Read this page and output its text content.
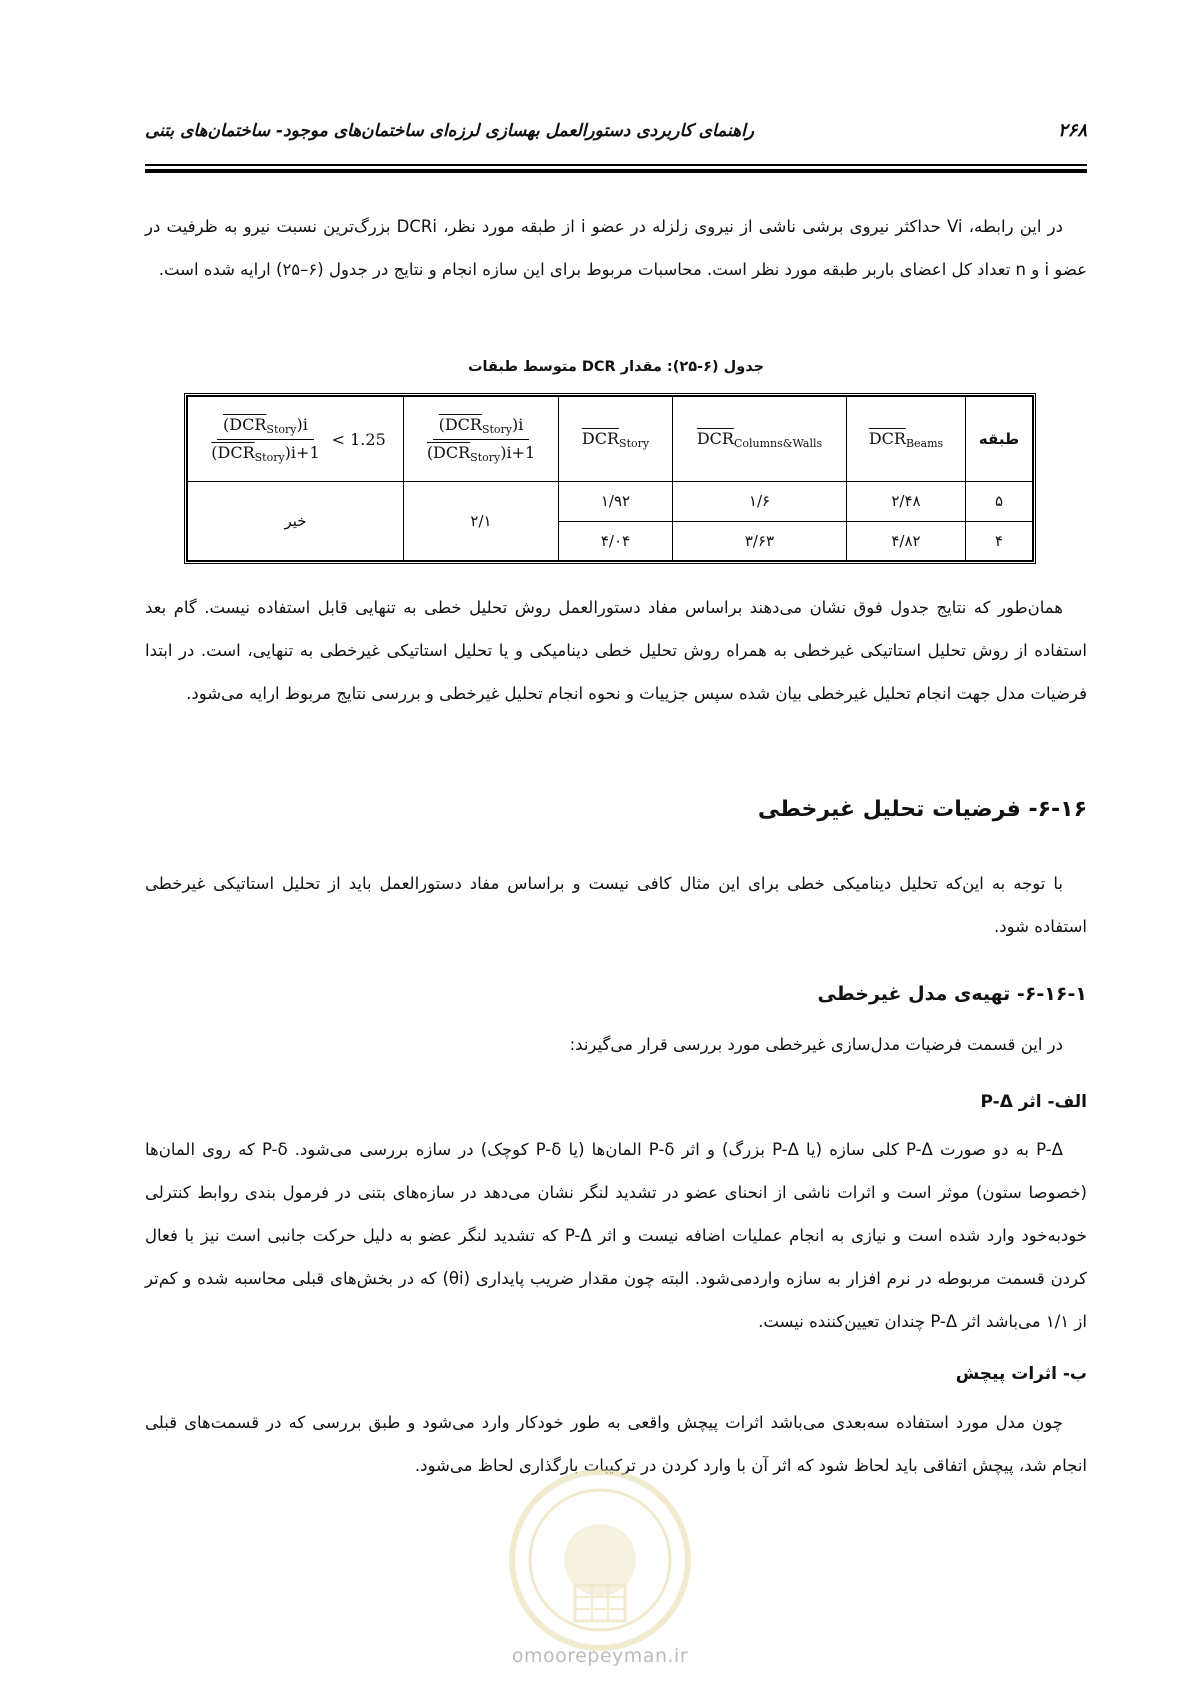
۲۶۸
راهنمای کاربردی دستورالعمل بهسازی لرزه‌ای ساختمان‌های موجود- ساختمان‌های بتنی

در این رابطه، Vi حداکثر نیروی برشی ناشی از نیروی زلزله در عضو i از طبقه مورد نظر، DCRi بزرگ‌ترین نسبت نیرو به ظرفیت در عضو i و n تعداد کل اعضای باربر طبقه مورد نظر است. محاسبات مربوط برای این سازه انجام و نتایج در جدول (۶–۲۵) ارایه شده است.

جدول (۶-۲۵): مقدار DCR متوسط طبقات
طبقه	$\overline{DCR}_{Beams}$	$\overline{DCR}_{Columns\&Walls}$	$\overline{DCR}_{Story}$	$\frac{(DCR_{Story})i}{(DCR_{Story})i+1}$	$\frac{(DCR_{Story})i}{(DCR_{Story})i+1} < 1.25$

۵	۲/۴۸	۱/۶	۱/۹۲	۲/۱	خیر
۴	۴/۸۲	۳/۶۳	۴/۰۴		

همان‌طور که نتایج جدول فوق نشان می‌دهند براساس مفاد دستورالعمل روش تحلیل خطی به تنهایی قابل استفاده نیست. گام بعد استفاده از روش تحلیل استاتیکی غیرخطی به همراه روش تحلیل خطی دینامیکی و یا تحلیل استاتیکی غیرخطی به تنهایی، است. در ابتدا فرضیات مدل جهت انجام تحلیل غیرخطی بیان شده سپس جزییات و نحوه انجام تحلیل غیرخطی و بررسی نتایج مربوط ارایه می‌شود.

۶-۱۶- فرضیات تحلیل غیرخطی

با توجه به این‌که تحلیل دینامیکی خطی برای این مثال کافی نیست و براساس مفاد دستورالعمل باید از تحلیل استاتیکی غیرخطی استفاده شود.

۶-۱۶-۱- تهیه‌ی مدل غیرخطی

در این قسمت فرضیات مدل‌سازی غیرخطی مورد بررسی قرار می‌گیرند:

الف- اثر P-Δ

P-Δ به دو صورت P-Δ کلی سازه (یا P-Δ بزرگ) و اثر P-δ المان‌ها (یا P-δ کوچک) در سازه بررسی می‌شود. P-δ که روی المان‌ها (خصوصا ستون) موثر است و اثرات ناشی از انحنای عضو در تشدید لنگر نشان می‌دهد در سازه‌های بتنی در فرمول بندی روابط کنترلی خودبه‌خود وارد شده است و نیازی به انجام عملیات اضافه نیست و اثر P-Δ که تشدید لنگر عضو به دلیل حرکت جانبی است نیز با فعال کردن قسمت مربوطه در نرم افزار به سازه واردمی‌شود. البته چون مقدار ضریب پایداری (θi) که در بخش‌های قبلی محاسبه شده و کم‌تر از ۱/۱ می‌باشد اثر P-Δ چندان تعیین‌کننده نیست.

ب- اثرات پیچش

چون مدل مورد استفاده سه‌بعدی می‌باشد اثرات پیچش واقعی به طور خودکار وارد می‌شود و طبق بررسی که در قسمت‌های قبلی انجام شد، پیچش اتفاقی باید لحاظ شود که اثر آن با وارد کردن در ترکیبات بارگذاری لحاظ می‌شود.

omoorepeyman.ir
